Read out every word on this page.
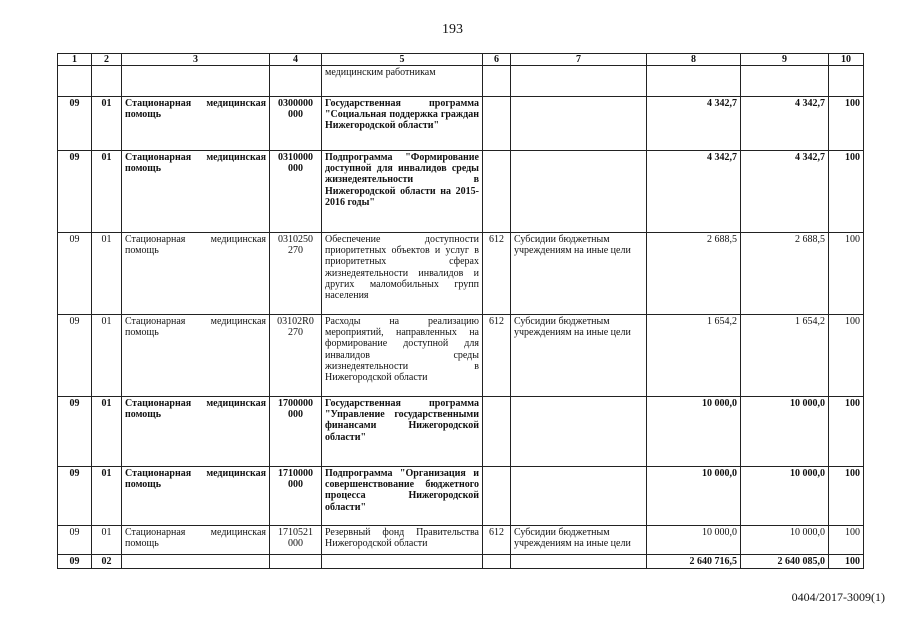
193
1	2	3	4	5	6	7	8	9	10
				медицинским работникам					
09	01	Стационарная медицинская помощь	0300000 000	Государственная программа "Социальная поддержка граждан Нижегородской области"			4 342,7	4 342,7	100
09	01	Стационарная медицинская помощь	0310000 000	Подпрограмма "Формирование доступной для инвалидов среды жизнедеятельности в Нижегородской области на 2015-2016 годы"			4 342,7	4 342,7	100
09	01	Стационарная медицинская помощь	0310250 270	Обеспечение доступности приоритетных объектов и услуг в приоритетных сферах жизнедеятельности инвалидов и других маломобильных групп населения	612	Субсидии бюджетным учреждениям на иные цели	2 688,5	2 688,5	100
09	01	Стационарная медицинская помощь	03102R0 270	Расходы на реализацию мероприятий, направленных на формирование доступной для инвалидов среды жизнедеятельности в Нижегородской области	612	Субсидии бюджетным учреждениям на иные цели	1 654,2	1 654,2	100
09	01	Стационарная медицинская помощь	1700000 000	Государственная программа "Управление государственными финансами Нижегородской области"			10 000,0	10 000,0	100
09	01	Стационарная медицинская помощь	1710000 000	Подпрограмма "Организация и совершенствование бюджетного процесса Нижегородской области"			10 000,0	10 000,0	100
09	01	Стационарная медицинская помощь	1710521 000	Резервный фонд Правительства Нижегородской области	612	Субсидии бюджетным учреждениям на иные цели	10 000,0	10 000,0	100
09	02						2 640 716,5	2 640 085,0	100
0404/2017-3009(1)
